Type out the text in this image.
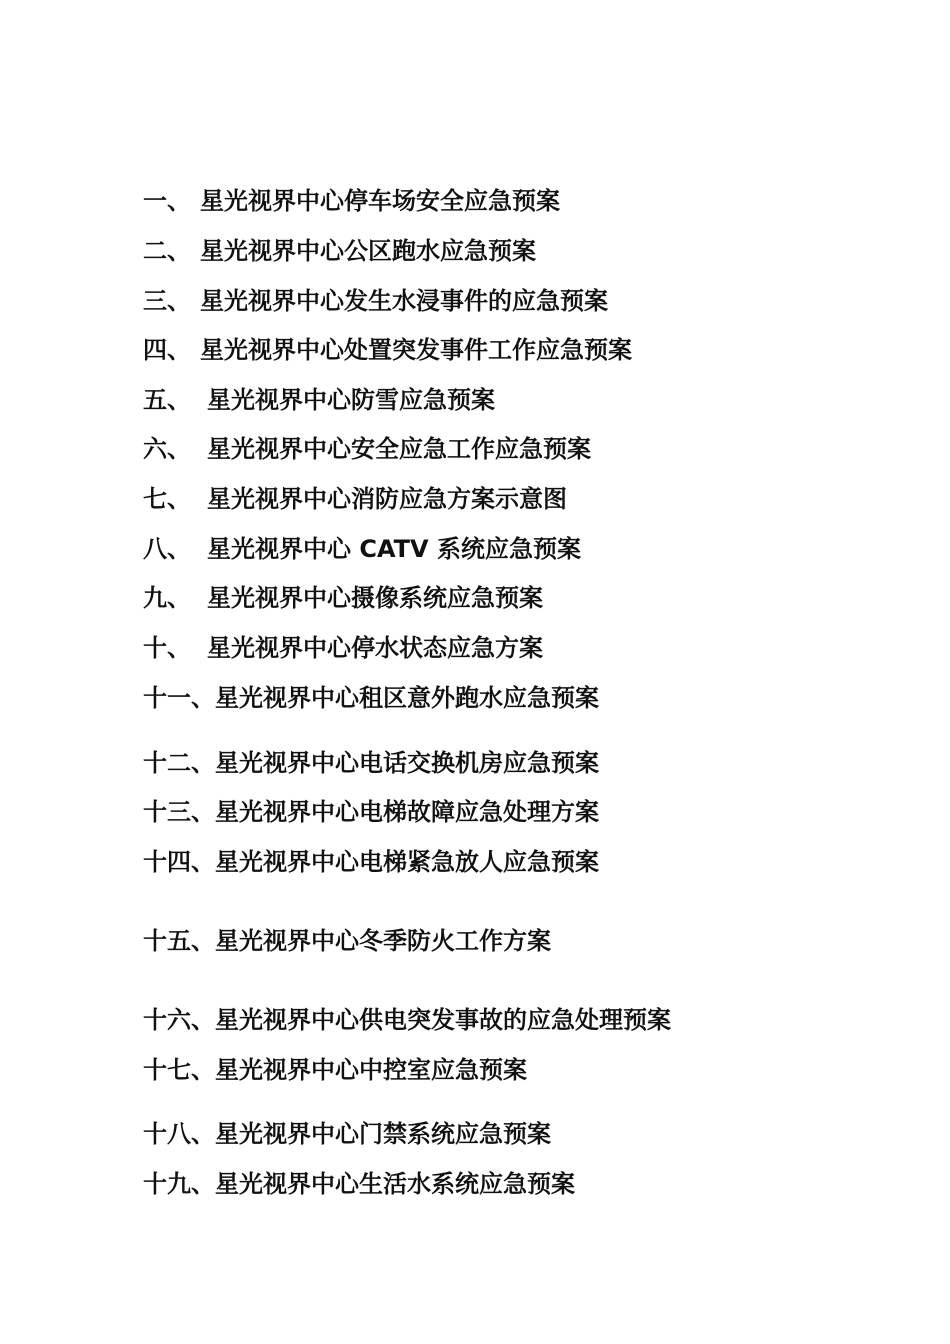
一、 星光视界中心停车场安全应急预案
二、 星光视界中心公区跑水应急预案
三、 星光视界中心发生水浸事件的应急预案
四、 星光视界中心处置突发事件工作应急预案
五、 星光视界中心防雪应急预案
六、 星光视界中心安全应急工作应急预案
七、 星光视界中心消防应急方案示意图
八、 星光视界中心 CATV 系统应急预案
九、 星光视界中心摄像系统应急预案
十、 星光视界中心停水状态应急方案
十一、 星光视界中心租区意外跑水应急预案
十二、 星光视界中心电话交换机房应急预案
十三、 星光视界中心电梯故障应急处理方案
十四、 星光视界中心电梯紧急放人应急预案
十五、 星光视界中心冬季防火工作方案
十六、 星光视界中心供电突发事故的应急处理预案
十七、 星光视界中心中控室应急预案
十八、 星光视界中心门禁系统应急预案
十九、 星光视界中心生活水系统应急预案
